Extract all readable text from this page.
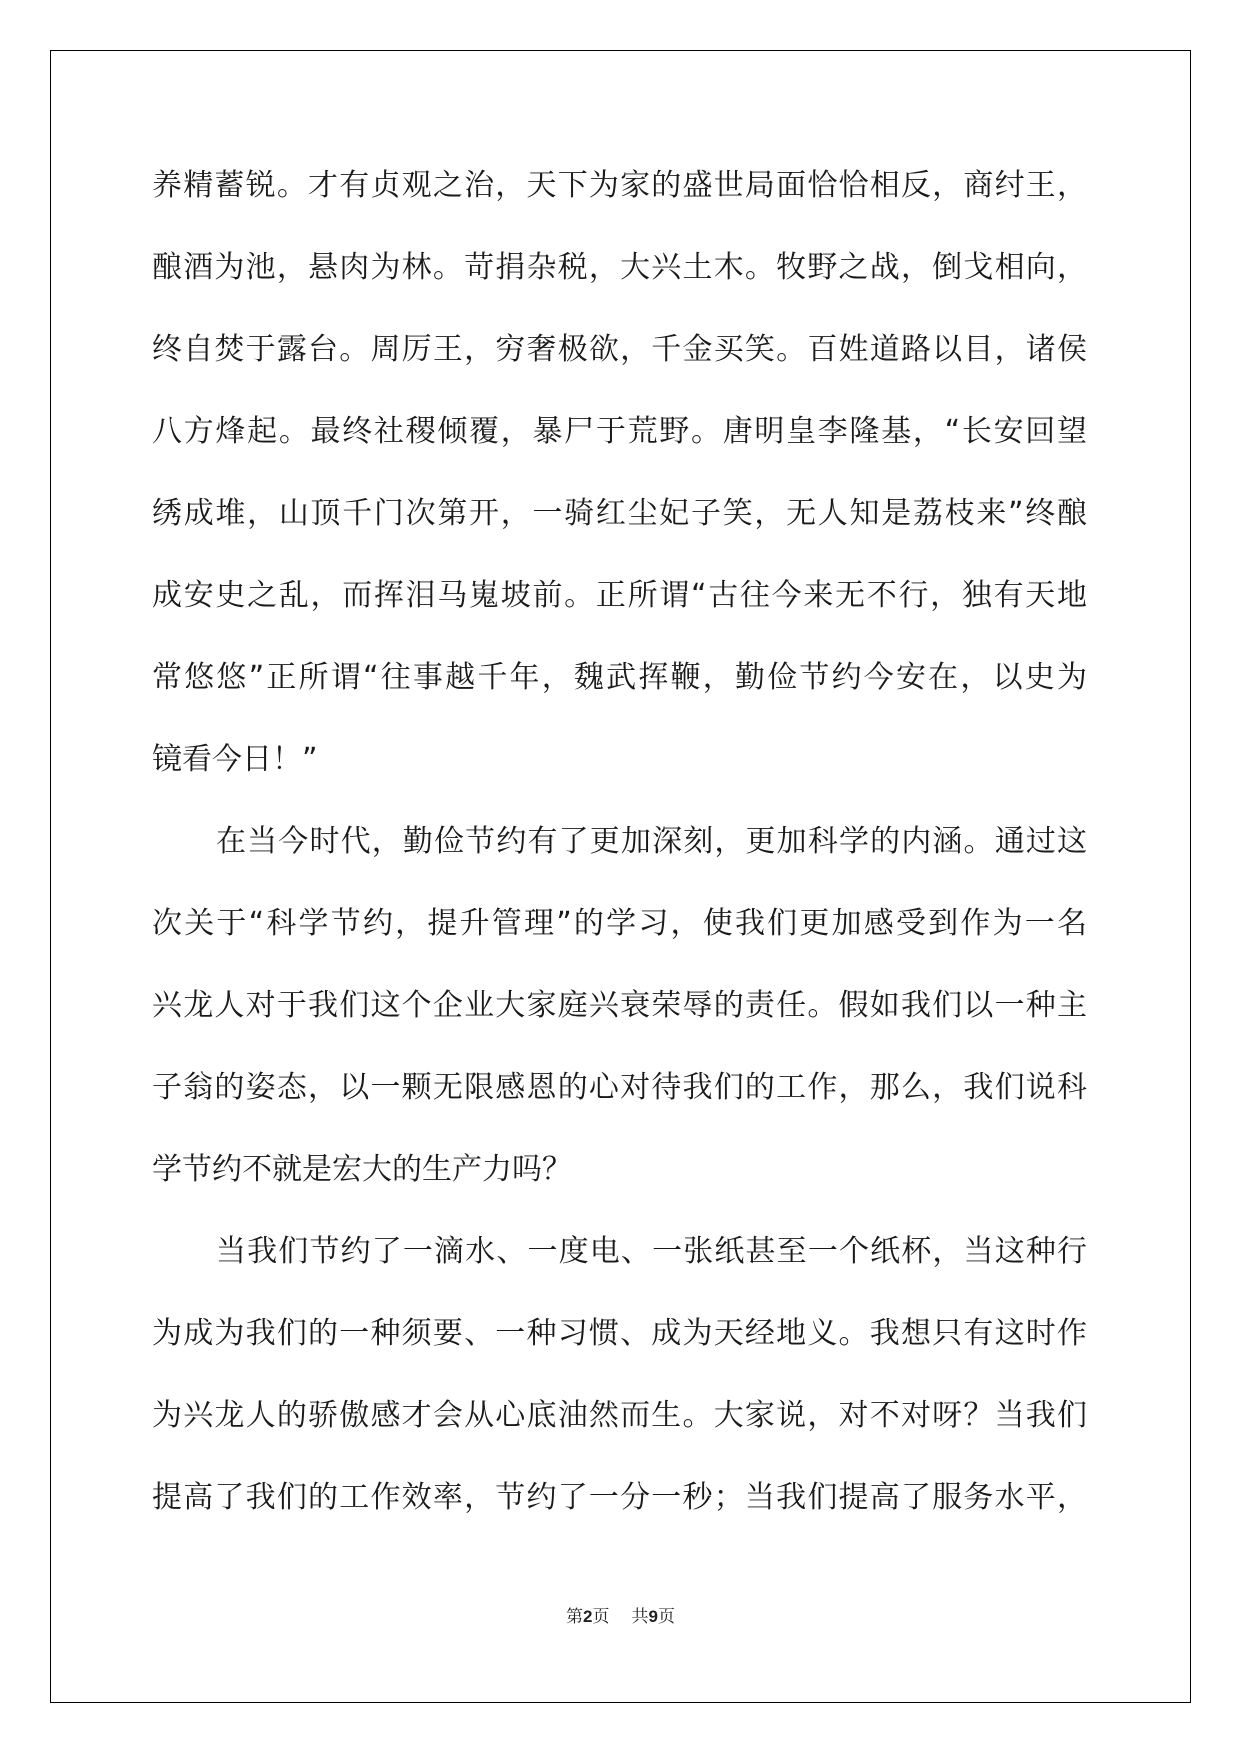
养精蓄锐。才有贞观之治，天下为家的盛世局面恰恰相反，商纣王，
酿酒为池，悬肉为林。苛捐杂税，大兴土木。牧野之战，倒戈相向，
终自焚于露台。周厉王，穷奢极欲，千金买笑。百姓道路以目，诸侯
八方烽起。最终社稷倾覆，暴尸于荒野。唐明皇李隆基，“长安回望
绣成堆，山顶千门次第开，一骑红尘妃子笑，无人知是荔枝来”终酿
成安史之乱，而挥泪马嵬坡前。正所谓“古往今来无不行，独有天地
常悠悠”正所谓“往事越千年，魏武挥鞭，勤俭节约今安在，以史为
镜看今日！”
在当今时代，勤俭节约有了更加深刻，更加科学的内涵。通过这
次关于“科学节约，提升管理”的学习，使我们更加感受到作为一名
兴龙人对于我们这个企业大家庭兴衰荣辱的责任。假如我们以一种主
子翁的姿态，以一颗无限感恩的心对待我们的工作，那么，我们说科
学节约不就是宏大的生产力吗？
当我们节约了一滴水、一度电、一张纸甚至一个纸杯，当这种行
为成为我们的一种须要、一种习惯、成为天经地义。我想只有这时作
为兴龙人的骄傲感才会从心底油然而生。大家说，对不对呀？当我们
提高了我们的工作效率，节约了一分一秒；当我们提高了服务水平，
第2页 共9页
